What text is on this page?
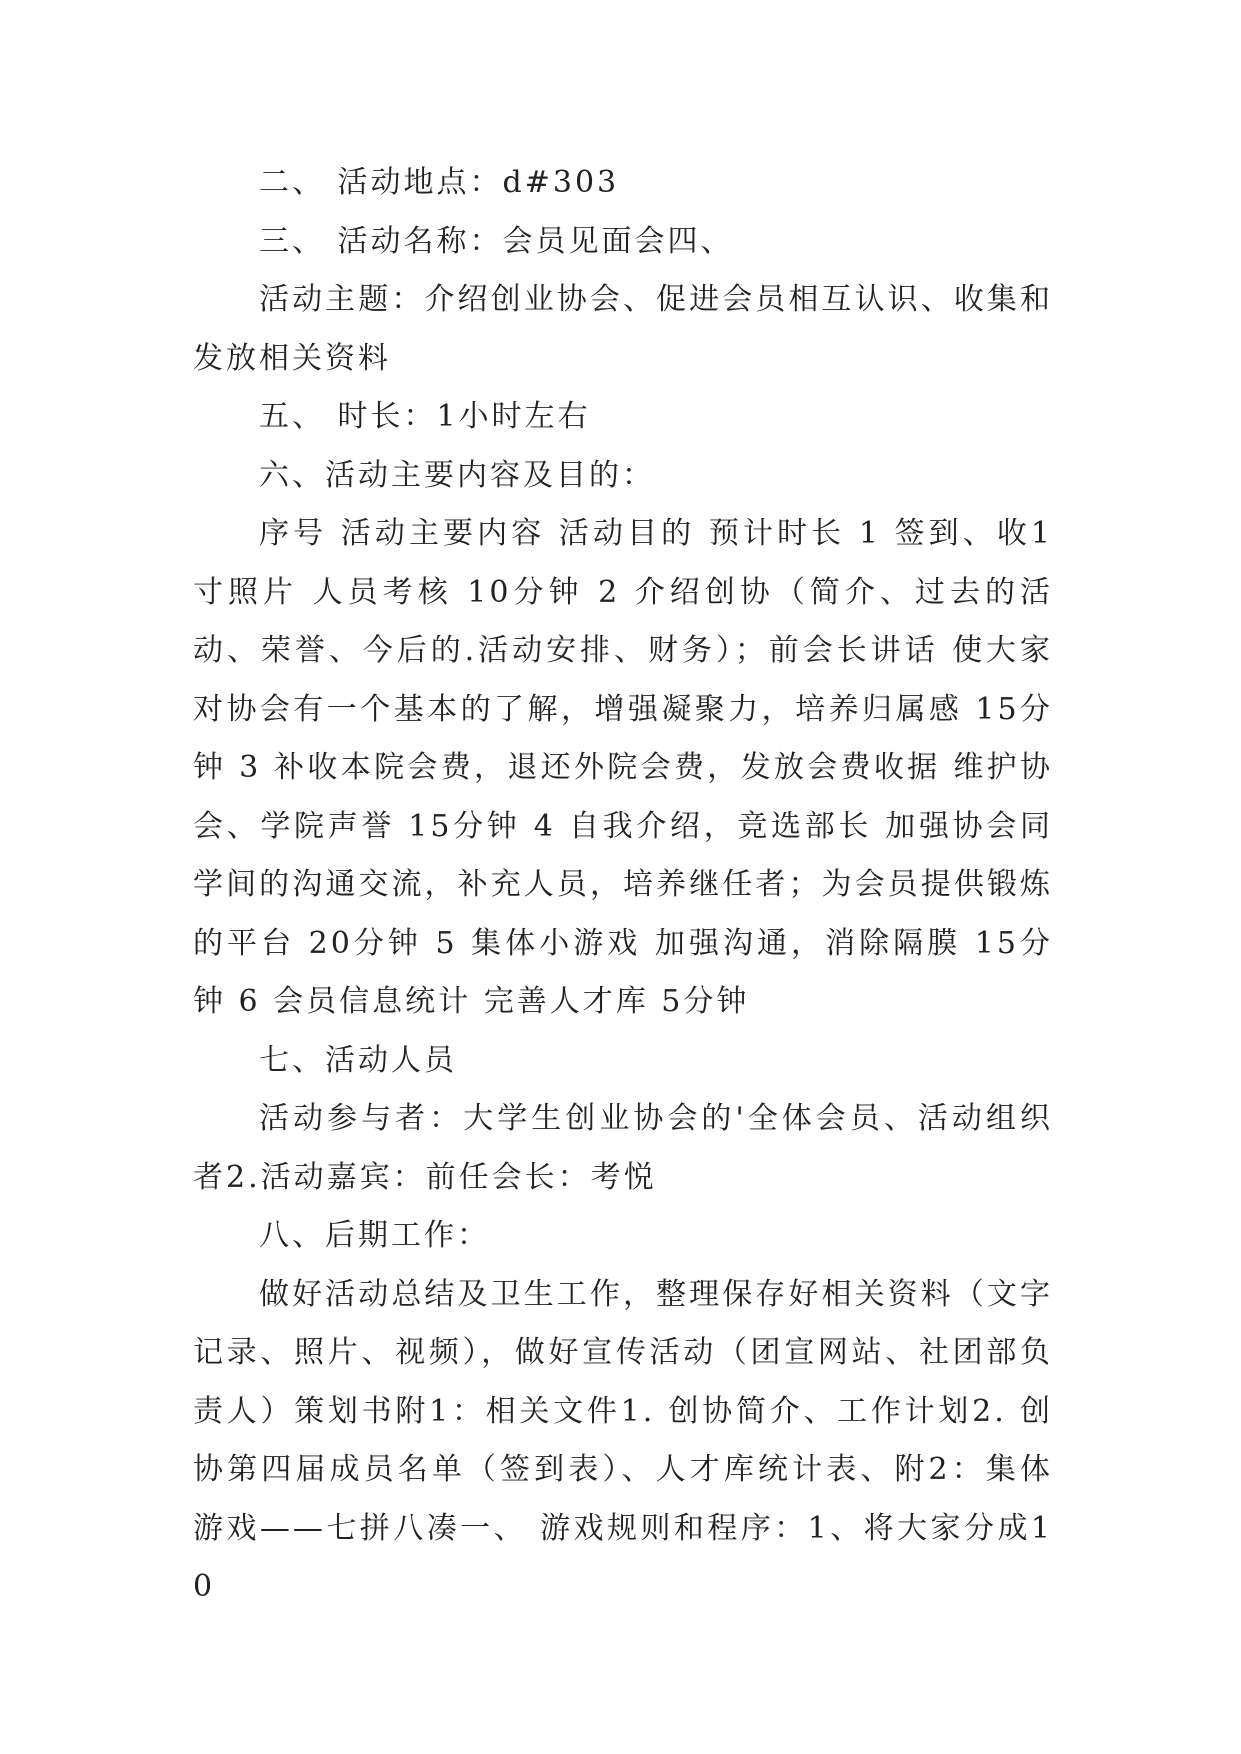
二、 活动地点：d#303

三、 活动名称：会员见面会四、

活动主题：介绍创业协会、促进会员相互认识、收集和发放相关资料

五、 时长：1小时左右

六、活动主要内容及目的：

序号 活动主要内容 活动目的 预计时长 1 签到、收1寸照片 人员考核 10分钟 2 介绍创协（简介、过去的活动、荣誉、今后的.活动安排、财务）；前会长讲话 使大家对协会有一个基本的了解，增强凝聚力，培养归属感 15分钟 3 补收本院会费，退还外院会费，发放会费收据 维护协会、学院声誉 15分钟 4 自我介绍，竞选部长 加强协会同学间的沟通交流，补充人员，培养继任者；为会员提供锻炼的平台 20分钟 5 集体小游戏 加强沟通，消除隔膜 15分钟 6 会员信息统计 完善人才库 5分钟

七、活动人员

活动参与者：大学生创业协会的'全体会员、活动组织者2.活动嘉宾：前任会长：考悦

八、后期工作：

做好活动总结及卫生工作，整理保存好相关资料（文字记录、照片、视频），做好宣传活动（团宣网站、社团部负责人）策划书附1：相关文件1. 创协简介、工作计划2. 创协第四届成员名单（签到表）、人才库统计表、附2：集体游戏——七拼八凑一、 游戏规则和程序：1、将大家分成10
